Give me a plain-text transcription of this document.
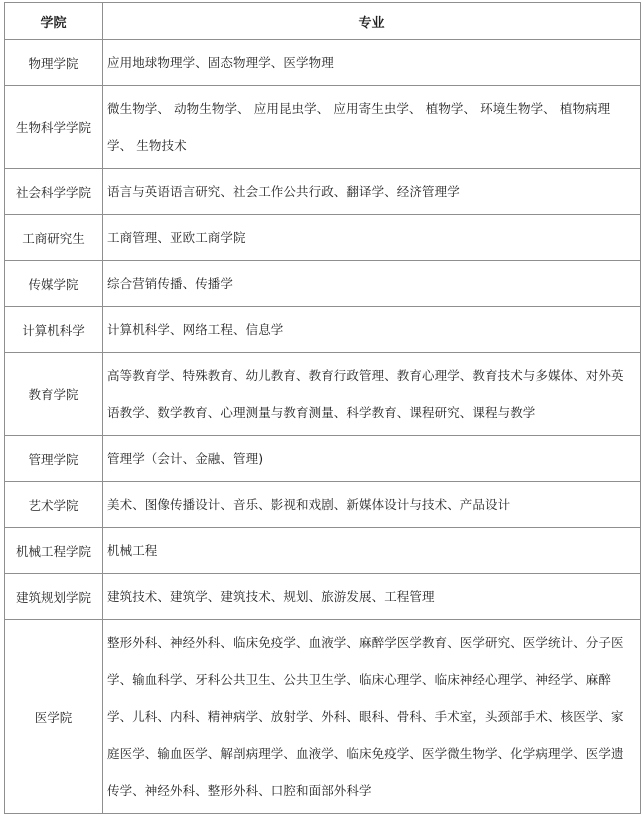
学院	专业
物理学院	应用地球物理学、固态物理学、医学物理
生物科学学院	微生物学、 动物生物学、 应用昆虫学、 应用寄生虫学、 植物学、 环境生物学、 植物病理学、 生物技术
社会科学学院	语言与英语语言研究、社会工作公共行政、翻译学、经济管理学
工商研究生	工商管理、亚欧工商学院
传媒学院	综合营销传播、传播学
计算机科学	计算机科学、网络工程、信息学
教育学院	高等教育学、特殊教育、幼儿教育、教育行政管理、教育心理学、教育技术与多媒体、对外英语教学、数学教育、心理测量与教育测量、科学教育、课程研究、课程与教学
管理学院	管理学（会计、金融、管理)
艺术学院	美术、图像传播设计、音乐、影视和戏剧、新媒体设计与技术、产品设计
机械工程学院	机械工程
建筑规划学院	建筑技术、建筑学、建筑技术、规划、旅游发展、工程管理
医学院	整形外科、神经外科、临床免疫学、血液学、麻醉学医学教育、医学研究、医学统计、分子医学、输血科学、牙科公共卫生、公共卫生学、临床心理学、临床神经心理学、神经学、麻醉学、儿科、内科、精神病学、放射学、外科、眼科、骨科、手术室，头颈部手术、核医学、家庭医学、输血医学、解剖病理学、血液学、临床免疫学、医学微生物学、化学病理学、医学遗传学、神经外科、整形外科、口腔和面部外科学
